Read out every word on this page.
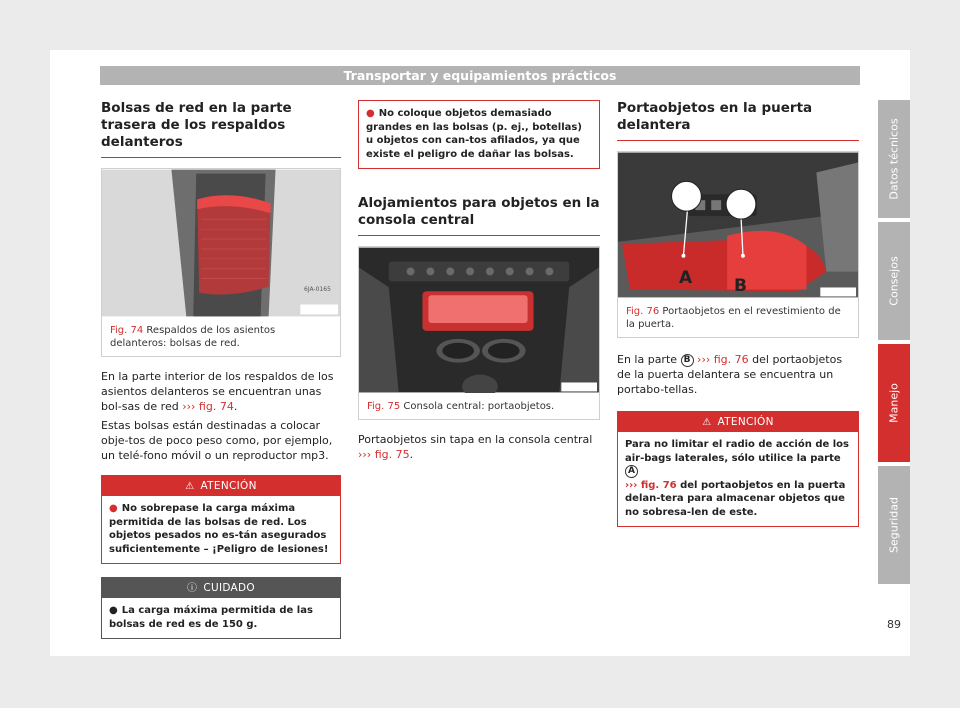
Transportar y equipamientos prácticos
Bolsas de red en la parte trasera de los respaldos delanteros
6JA-0165
Fig. 74 Respaldos de los asientos delanteros: bolsas de red.

En la parte interior de los respaldos de los asientos delanteros se encuentran unas bol-sas de red ››› fig. 74.

Estas bolsas están destinadas a colocar obje-tos de poco peso como, por ejemplo, un telé-fono móvil o un reproductor mp3.

⚠ ATENCIÓN
● No sobrepase la carga máxima permitida de las bolsas de red. Los objetos pesados no es-tán asegurados suficientemente – ¡Peligro de lesiones!
ⓘ CUIDADO
● La carga máxima permitida de las bolsas de red es de 150 g.
● No coloque objetos demasiado grandes en las bolsas (p. ej., botellas) u objetos con can-tos afilados, ya que existe el peligro de dañar las bolsas.
Alojamientos para objetos en la consola central
Fig. 75 Consola central: portaobjetos.

Portaobjetos sin tapa en la consola central ››› fig. 75.

Portaobjetos en la puerta delantera
A B
Fig. 76 Portaobjetos en el revestimiento de la puerta.

En la parte B ››› fig. 76 del portaobjetos de la puerta delantera se encuentra un portabo-tellas.

⚠ ATENCIÓN
Para no limitar el radio de acción de los air-bags laterales, sólo utilice la parte A
››› fig. 76 del portaobjetos en la puerta delan-tera para almacenar objetos que no sobresa-len de este.
Datos técnicos
Consejos
Manejo
Seguridad
89
